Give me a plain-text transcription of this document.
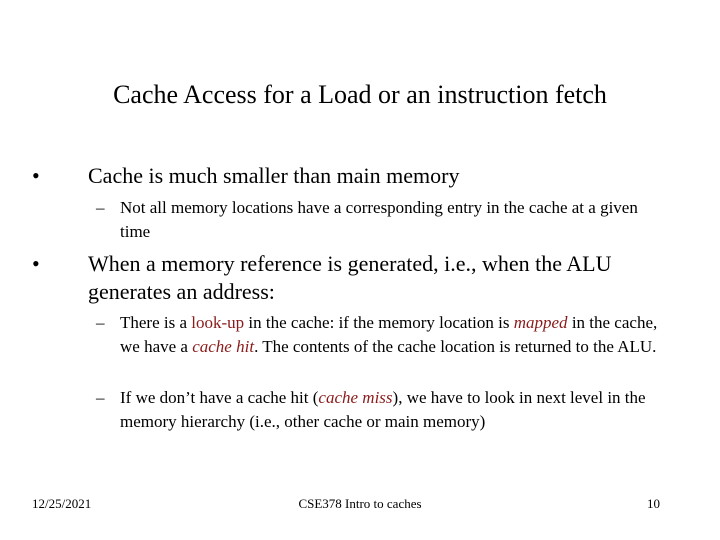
Cache Access for a Load or an instruction fetch
• Cache is much smaller than main memory
– Not all memory locations have a corresponding entry in the cache at a given time
• When a memory reference is generated, i.e., when the ALU generates an address:
– There is a look-up in the cache: if the memory location is mapped in the cache, we have a cache hit. The contents of the cache location is returned to the ALU.
– If we don’t have a cache hit (cache miss), we have to look in next level in the memory hierarchy (i.e., other cache or main memory)
12/25/2021	CSE378 Intro to caches	10
